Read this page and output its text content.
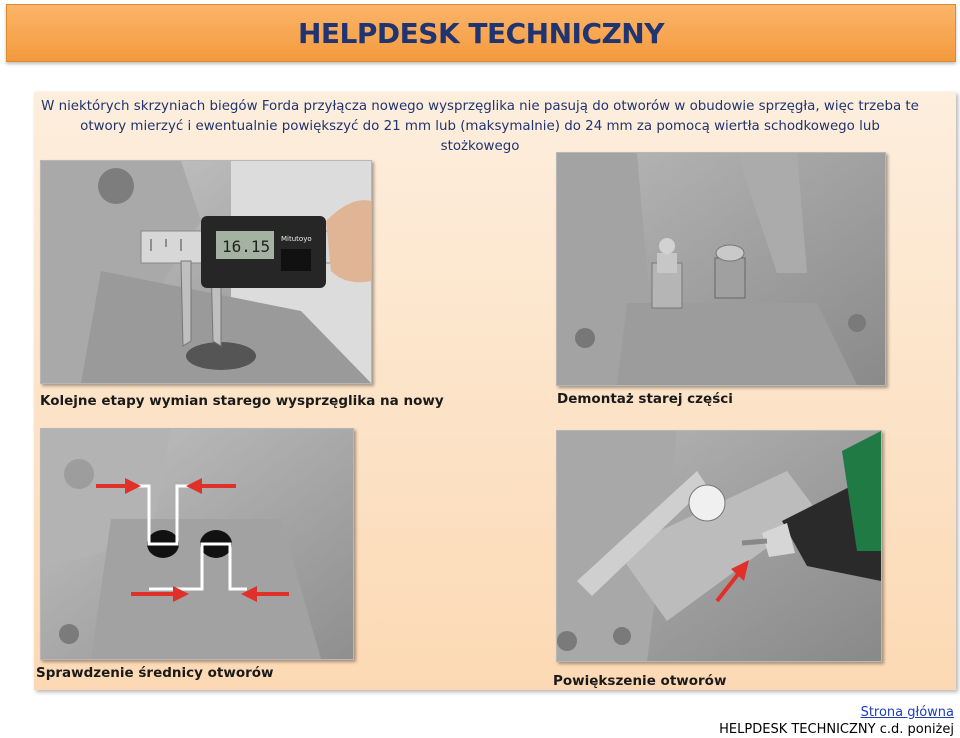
HELPDESK TECHNICZNY
W niektórych skrzyniach biegów Forda przyłącza nowego wysprzęglika nie pasują do otworów w obudowie sprzęgła, więc trzeba te
otwory mierzyć i ewentualnie powiększyć do 21 mm lub (maksymalnie) do 24 mm za pomocą wiertła schodkowego lub stożkowego
16.15 Mitutoyo
Kolejne etapy wymian starego wysprzęglika na nowy	Demontaż starej części
Sprawdzenie średnicy otworów	Powiększenie otworów
Strona główna
HELPDESK TECHNICZNY c.d. poniżej
